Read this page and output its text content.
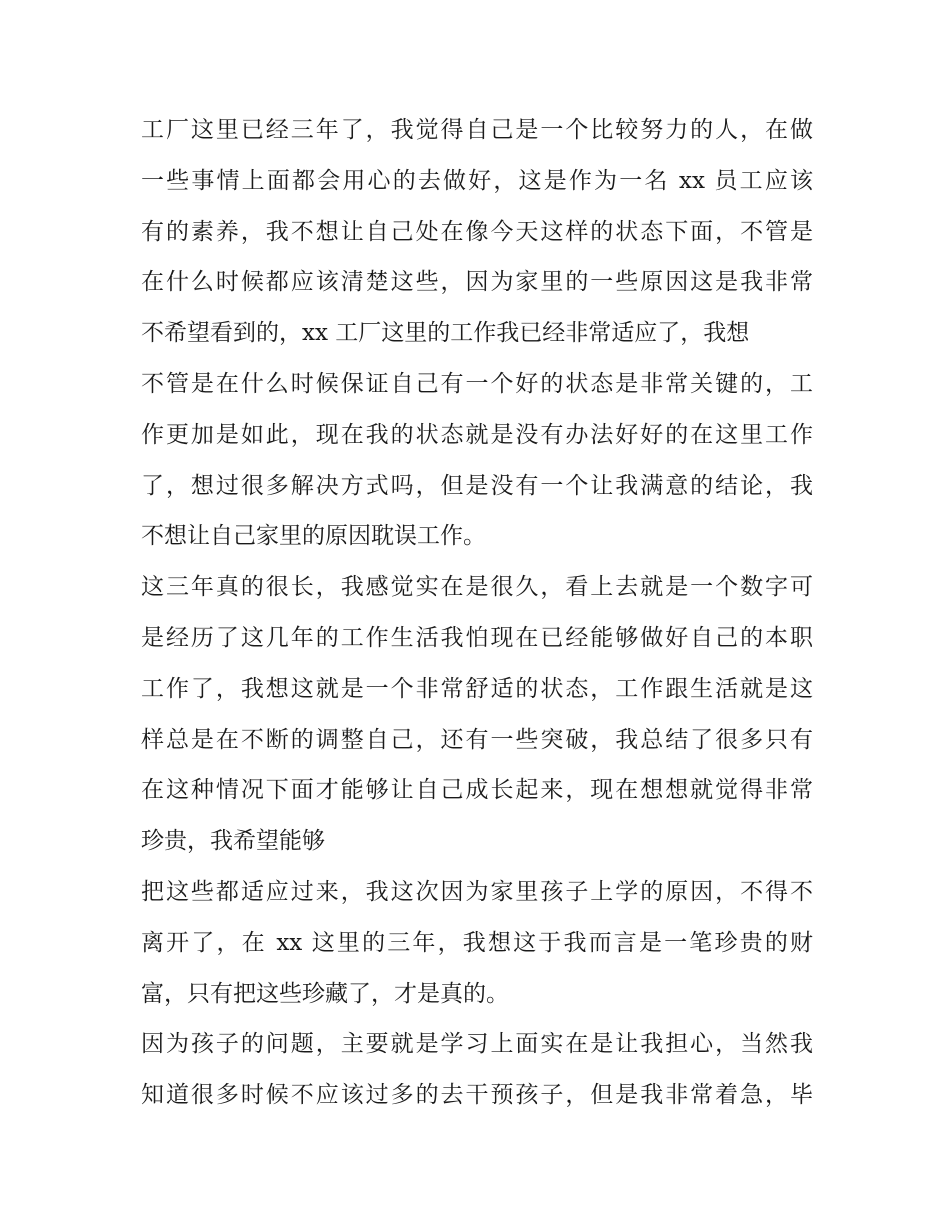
工厂这里已经三年了，我觉得自己是一个比较努力的人，在做
一些事情上面都会用心的去做好，这是作为一名 xx 员工应该
有的素养，我不想让自己处在像今天这样的状态下面，不管是
在什么时候都应该清楚这些，因为家里的一些原因这是我非常
不希望看到的，xx 工厂这里的工作我已经非常适应了，我想
不管是在什么时候保证自己有一个好的状态是非常关键的，工
作更加是如此，现在我的状态就是没有办法好好的在这里工作
了，想过很多解决方式吗，但是没有一个让我满意的结论，我
不想让自己家里的原因耽误工作。
这三年真的很长，我感觉实在是很久，看上去就是一个数字可
是经历了这几年的工作生活我怕现在已经能够做好自己的本职
工作了，我想这就是一个非常舒适的状态，工作跟生活就是这
样总是在不断的调整自己，还有一些突破，我总结了很多只有
在这种情况下面才能够让自己成长起来，现在想想就觉得非常
珍贵，我希望能够
把这些都适应过来，我这次因为家里孩子上学的原因，不得不
离开了，在 xx 这里的三年，我想这于我而言是一笔珍贵的财
富，只有把这些珍藏了，才是真的。
因为孩子的问题，主要就是学习上面实在是让我担心，当然我
知道很多时候不应该过多的去干预孩子，但是我非常着急，毕
